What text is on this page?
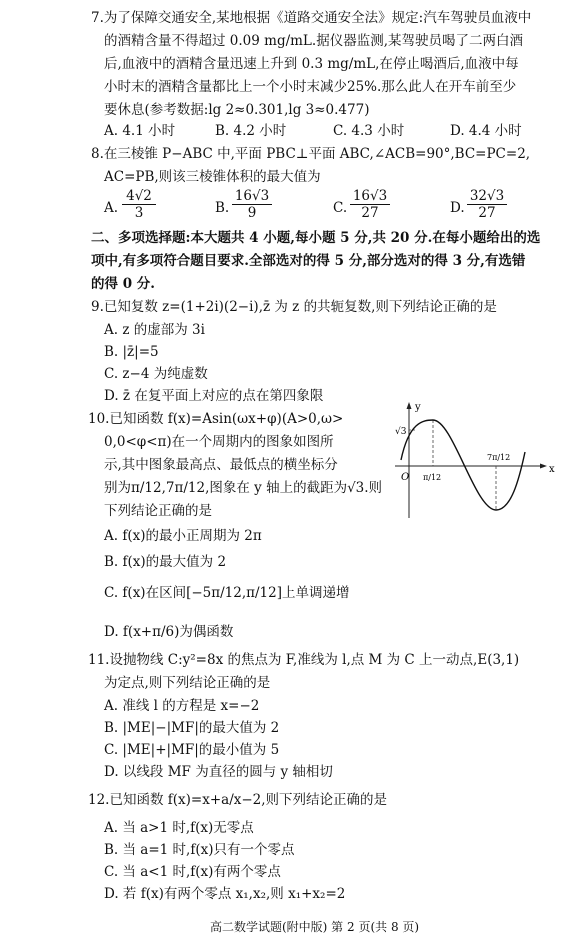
7.为了保障交通安全,某地根据《道路交通安全法》规定:汽车驾驶员血液中
的酒精含量不得超过 0.09 mg/mL.据仪器监测,某驾驶员喝了二两白酒
后,血液中的酒精含量迅速上升到 0.3 mg/mL,在停止喝酒后,血液中每
小时末的酒精含量都比上一个小时末减少25%.那么此人在开车前至少
要休息(参考数据:lg 2≈0.301,lg 3≈0.477)
A. 4.1 小时	B. 4.2 小时	C. 4.3 小时	D. 4.4 小时
8.在三棱锥 P−ABC 中,平面 PBC⊥平面 ABC,∠ACB=90°,BC=PC=2,
AC=PB,则该三棱锥体积的最大值为
A. $\frac{4√2}{3}$	B. $\frac{16√3}{9}$	C. $\frac{16√3}{27}$	D. $\frac{32√3}{27}$
二、多项选择题:本大题共 4 小题,每小题 5 分,共 20 分.在每小题给出的选
项中,有多项符合题目要求.全部选对的得 5 分,部分选对的得 3 分,有选错
的得 0 分.
9.已知复数 z=(1+2i)(2−i),z̄ 为 z 的共轭复数,则下列结论正确的是
A. z 的虚部为 3i
B. |z̄|=5
C. z−4 为纯虚数
D. z̄ 在复平面上对应的点在第四象限
10.已知函数 f(x)=Asin(ωx+φ)(A>0,ω>
0,0<φ<π)在一个周期内的图象如图所
示,其中图象最高点、最低点的横坐标分
别为π/12,7π/12,图象在 y 轴上的截距为√3.则
下列结论正确的是
A. f(x)的最小正周期为 2π
B. f(x)的最大值为 2
C. f(x)在区间[−5π/12,π/12]上单调递增
D. f(x+π/6)为偶函数
y
x
O
√3
π/12
7π/12
11.设抛物线 C:y²=8x 的焦点为 F,准线为 l,点 M 为 C 上一动点,E(3,1)
为定点,则下列结论正确的是
A. 准线 l 的方程是 x=−2
B. |ME|−|MF|的最大值为 2
C. |ME|+|MF|的最小值为 5
D. 以线段 MF 为直径的圆与 y 轴相切
12.已知函数 f(x)=x+a/x−2,则下列结论正确的是
A. 当 a>1 时,f(x)无零点
B. 当 a=1 时,f(x)只有一个零点
C. 当 a<1 时,f(x)有两个零点
D. 若 f(x)有两个零点 x₁,x₂,则 x₁+x₂=2
高二数学试题(附中版) 第 2 页(共 8 页)
